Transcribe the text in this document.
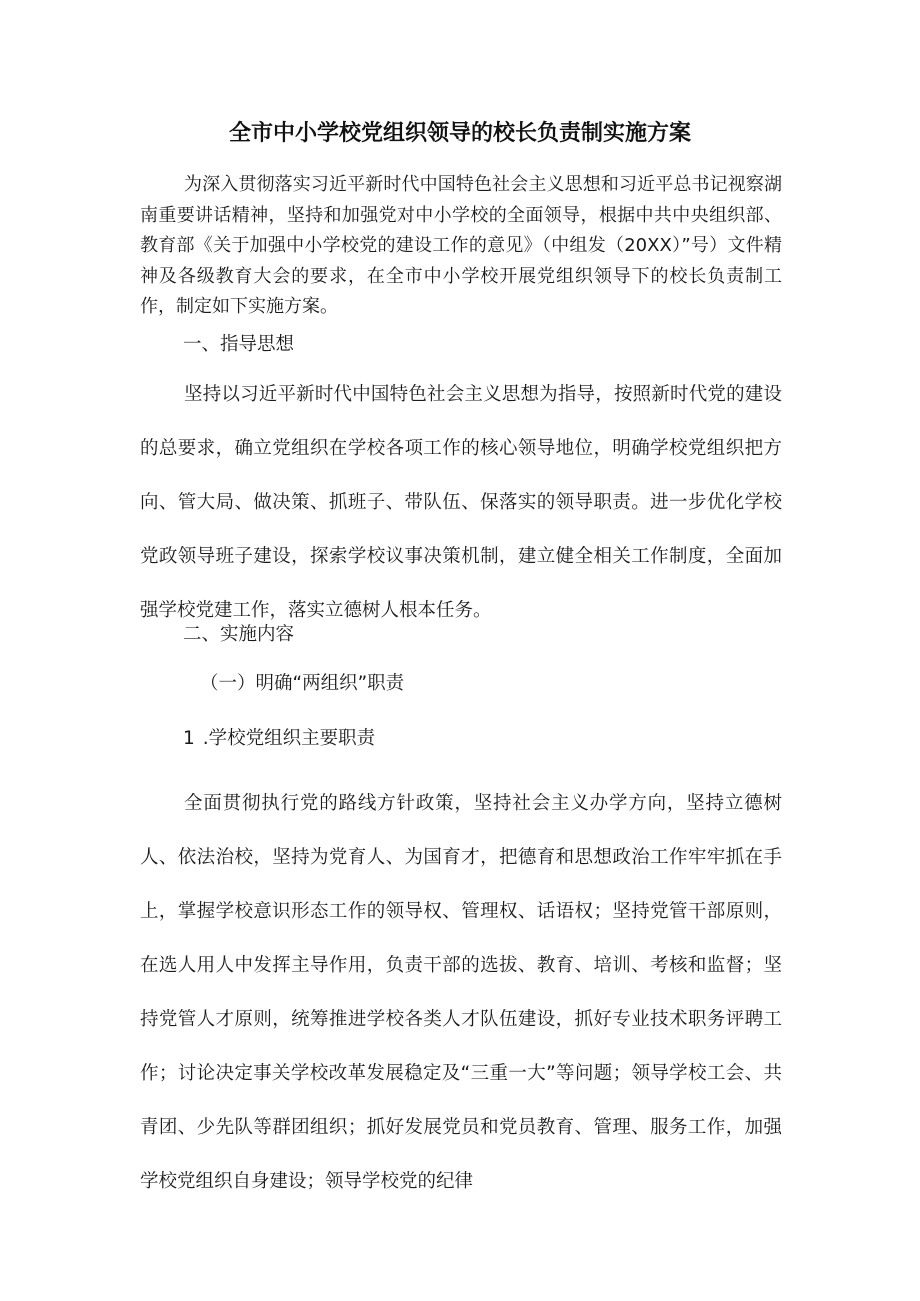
全市中小学校党组织领导的校长负责制实施方案

为深入贯彻落实习近平新时代中国特色社会主义思想和习近平总书记视察湖南重要讲话精神，坚持和加强党对中小学校的全面领导，根据中共中央组织部、教育部《关于加强中小学校党的建设工作的意见》（中组发（20XX）”号）文件精神及各级教育大会的要求，在全市中小学校开展党组织领导下的校长负责制工作，制定如下实施方案。

一、指导思想

坚持以习近平新时代中国特色社会主义思想为指导，按照新时代党的建设的总要求，确立党组织在学校各项工作的核心领导地位，明确学校党组织把方向、管大局、做决策、抓班子、带队伍、保落实的领导职责。进一步优化学校党政领导班子建设，探索学校议事决策机制，建立健全相关工作制度，全面加强学校党建工作，落实立德树人根本任务。

二、实施内容

（一）明确“两组织”职责

1 .学校党组织主要职责

全面贯彻执行党的路线方针政策，坚持社会主义办学方向，坚持立德树人、依法治校，坚持为党育人、为国育才，把德育和思想政治工作牢牢抓在手上，掌握学校意识形态工作的领导权、管理权、话语权；坚持党管干部原则，在选人用人中发挥主导作用，负责干部的选拔、教育、培训、考核和监督；坚持党管人才原则，统筹推进学校各类人才队伍建设，抓好专业技术职务评聘工作；讨论决定事关学校改革发展稳定及“三重一大”等问题；领导学校工会、共青团、少先队等群团组织；抓好发展党员和党员教育、管理、服务工作，加强学校党组织自身建设；领导学校党的纪律
